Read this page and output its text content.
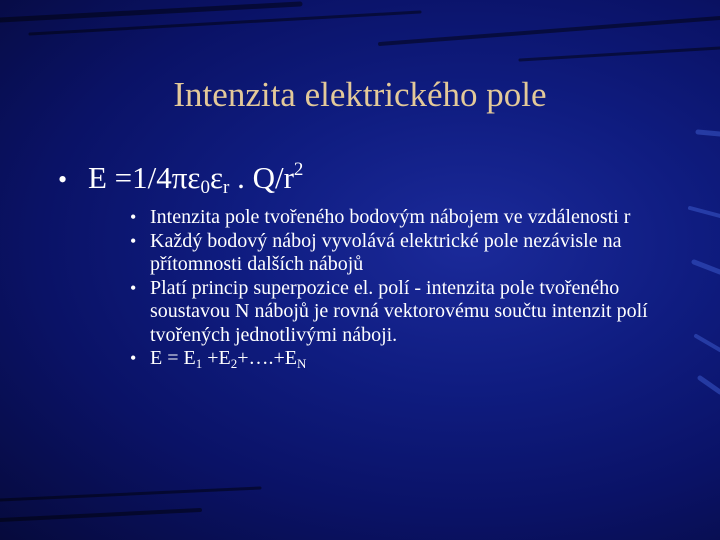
Intenzita elektrického pole
• $E =1/4\pi\varepsilon_0\varepsilon_r$ . $Q/r^2$
• Intenzita pole tvořeného bodovým nábojem ve vzdálenosti r
• Každý bodový náboj vyvolává elektrické pole nezávisle na přítomnosti dalších nábojů
• Platí princip superpozice el. polí - intenzita pole tvořeného soustavou N nábojů je rovná vektorovému součtu intenzit polí tvořených jednotlivými náboji.
• $E = E_1$ $+E_2+\dots.+E_N$
